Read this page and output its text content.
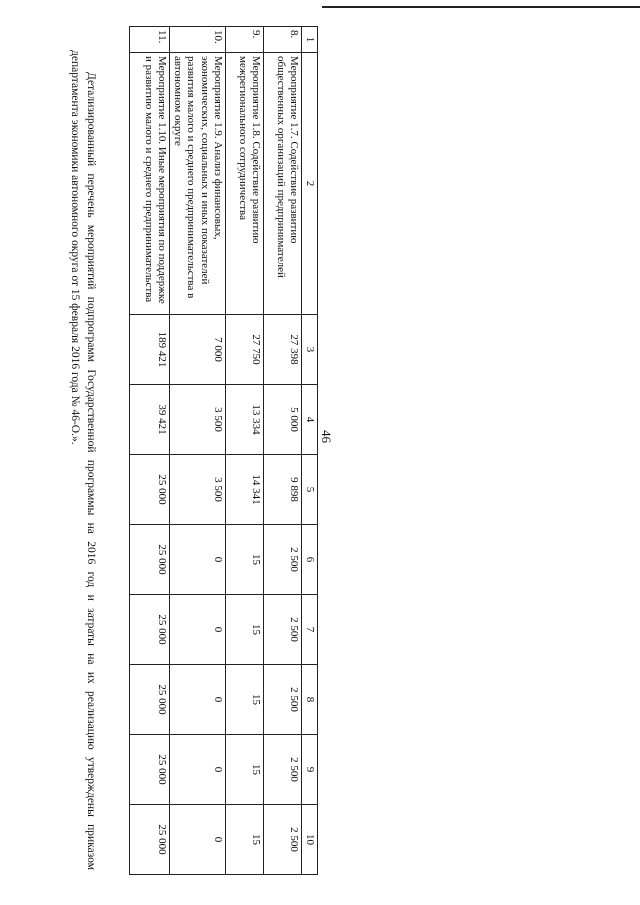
46
1	2	3	4	5	6	7	8	9	10
8.	Мероприятие 1.7. Содействие развитию общественных организаций предпринимателей	27 398	5 000	9 898	2 500	2 500	2 500	2 500	2 500
9.	Мероприятие 1.8. Содействие развитию межрегионального сотрудничества	27 750	13 334	14 341	15	15	15	15	15
10.	Мероприятие 1.9. Анализ финансовых, экономических, социальных и иных показателей развития малого и среднего предпринимательства в автономном округе	7 000	3 500	3 500	0	0	0	0	0
11.	Мероприятие 1.10. Иные мероприятия по поддержке и развитию малого и среднего предпринимательства	189 421	39 421	25 000	25 000	25 000	25 000	25 000	25 000

Детализированный перечень мероприятий подпрограмм Государственной программы на 2016 год и затраты на их реализацию утверждены приказом департамента экономики автономного округа от 15 февраля 2016 года № 46-О.».
